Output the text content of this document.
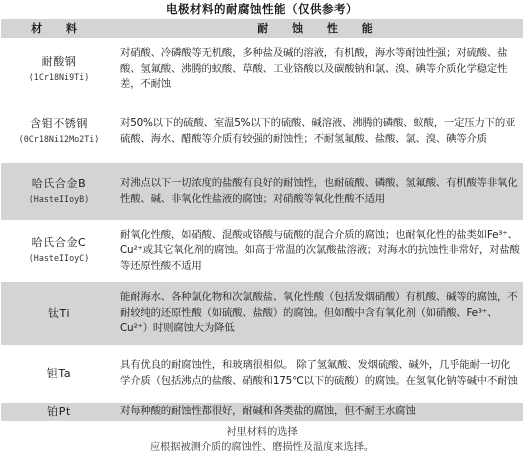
电极材料的耐腐蚀性能（仅供参考）
材 料	耐 蚀 性 能

耐酸钢
(1Cr18Ni9Ti)	对硝酸、冷磷酸等无机酸，多种盐及碱的溶液，有机酸，海水等耐蚀性强；对硫酸、盐酸、氢氟酸、沸腾的蚁酸、草酸、工业铬酸以及碳酸钠和氯、溴、碘等介质化学稳定性差，不耐蚀

含钼不锈钢
(0Cr18Ni12Mo2Ti)	对50%以下的硫酸、室温5%以下的硫酸、碱溶液、沸腾的磷酸、蚁酸，一定压力下的亚硫酸、海水、醋酸等介质有较强的耐蚀性；不耐氢氟酸、盐酸、氯、溴、碘等介质

哈氏合金B
(HasteIIoyB)	对沸点以下一切浓度的盐酸有良好的耐蚀性，也耐硫酸、磷酸、氢氟酸、有机酸等非氧化性酸、碱、非氧化性盐液的腐蚀；对硝酸等氧化性酸不适用

哈氏合金C
(HasteIIoyC)	耐氧化性酸，如硝酸、混酸或铬酸与硫酸的混合介质的腐蚀；也耐氧化性的盐类如Fe³⁺、Cu²⁺或其它氧化剂的腐蚀。如高于常温的次氯酸盐溶液；对海水的抗蚀性非常好，对盐酸等还原性酸不适用

钛Ti	能耐海水、各种氯化物和次氯酸盐、氧化性酸（包括发烟硝酸）有机酸、碱等的腐蚀，不耐较纯的还原性酸（如硫酸、盐酸）的腐蚀。但如酸中含有氧化剂（如硝酸、Fe³⁺、Cu²⁺）时则腐蚀大为降低

钽Ta	具有优良的耐腐蚀性，和玻璃很相似。 除了氢氟酸、发烟硫酸、碱外，几乎能耐一切化学介质（包括沸点的盐酸、硝酸和175℃以下的硫酸）的腐蚀。在氢氧化钠等碱中不耐蚀

铂Pt	对每种酸的耐蚀性都很好，耐碱和各类盐的腐蚀，但不耐王水腐蚀
衬里材料的选择
应根据被测介质的腐蚀性、磨损性及温度来选择。
